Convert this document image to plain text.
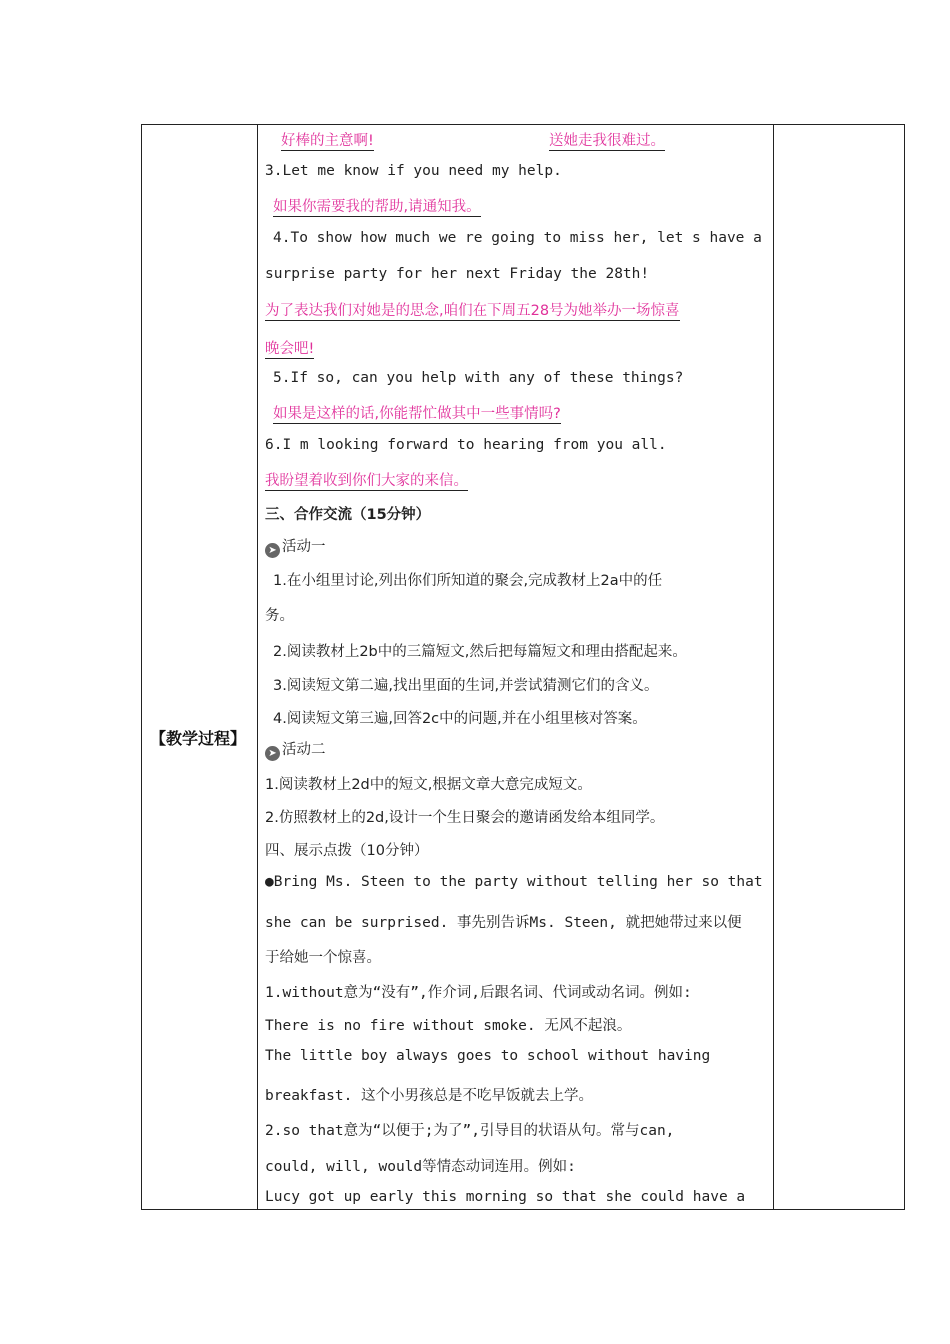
【教学过程】
好棒的主意啊!	送她走我很难过。
3.Let me know if you need my help.
如果你需要我的帮助,请通知我。
4.To show how much we re going to miss her, let s have a
surprise party for her next Friday the 28th!
为了表达我们对她是的思念,咱们在下周五28号为她举办一场惊喜
晚会吧!
5.If so, can you help with any of these things?
如果是这样的话,你能帮忙做其中一些事情吗?
6.I m looking forward to hearing from you all.
我盼望着收到你们大家的来信。
三、合作交流（15分钟）
➤ 活动一
1.在小组里讨论,列出你们所知道的聚会,完成教材上2a中的任
务。
2.阅读教材上2b中的三篇短文,然后把每篇短文和理由搭配起来。
3.阅读短文第二遍,找出里面的生词,并尝试猜测它们的含义。
4.阅读短文第三遍,回答2c中的问题,并在小组里核对答案。
➤ 活动二
1.阅读教材上2d中的短文,根据文章大意完成短文。
2.仿照教材上的2d,设计一个生日聚会的邀请函发给本组同学。
四、展示点拨（10分钟）
●Bring Ms. Steen to the party without telling her so that
she can be surprised. 事先别告诉Ms. Steen, 就把她带过来以便
于给她一个惊喜。
1.without意为“没有”,作介词,后跟名词、代词或动名词。例如:
There is no fire without smoke. 无风不起浪。
The little boy always goes to school without having
breakfast. 这个小男孩总是不吃早饭就去上学。
2.so that意为“以便于;为了”,引导目的状语从句。常与can,
could, will, would等情态动词连用。例如:
Lucy got up early this morning so that she could have a
